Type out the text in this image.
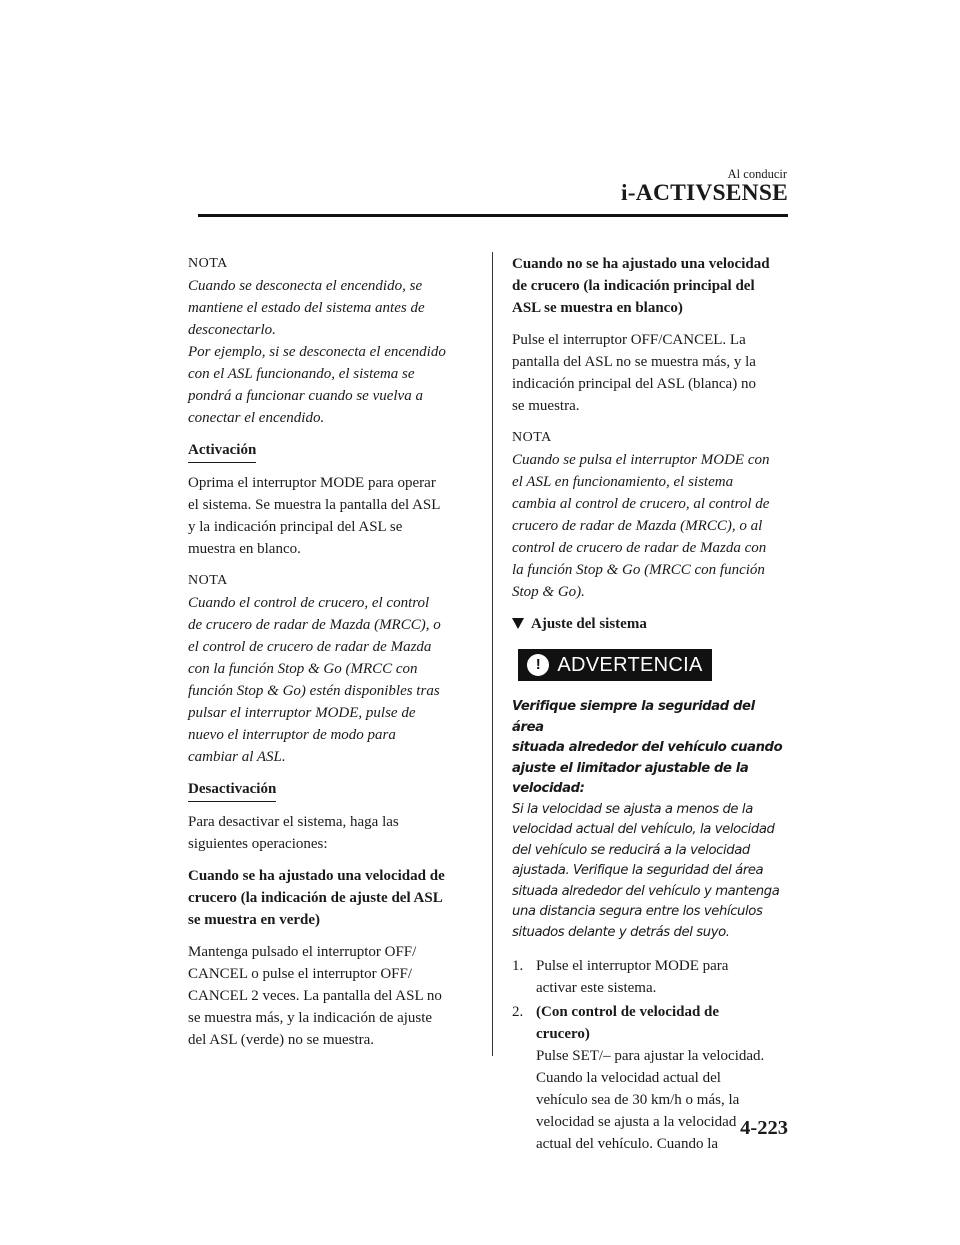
Al conducir
i-ACTIVSENSE
NOTA
Cuando se desconecta el encendido, se
mantiene el estado del sistema antes de
desconectarlo.
Por ejemplo, si se desconecta el encendido
con el ASL funcionando, el sistema se
pondrá a funcionar cuando se vuelva a
conectar el encendido.
Activación

Oprima el interruptor MODE para operar
el sistema. Se muestra la pantalla del ASL
y la indicación principal del ASL se
muestra en blanco.

NOTA
Cuando el control de crucero, el control
de crucero de radar de Mazda (MRCC), o
el control de crucero de radar de Mazda
con la función Stop & Go (MRCC con
función Stop & Go) estén disponibles tras
pulsar el interruptor MODE, pulse de
nuevo el interruptor de modo para
cambiar al ASL.
Desactivación

Para desactivar el sistema, haga las
siguientes operaciones:

Cuando se ha ajustado una velocidad de
crucero (la indicación de ajuste del ASL
se muestra en verde)

Mantenga pulsado el interruptor OFF/
CANCEL o pulse el interruptor OFF/
CANCEL 2 veces. La pantalla del ASL no
se muestra más, y la indicación de ajuste
del ASL (verde) no se muestra.

Cuando no se ha ajustado una velocidad
de crucero (la indicación principal del
ASL se muestra en blanco)

Pulse el interruptor OFF/CANCEL. La
pantalla del ASL no se muestra más, y la
indicación principal del ASL (blanca) no
se muestra.

NOTA
Cuando se pulsa el interruptor MODE con
el ASL en funcionamiento, el sistema
cambia al control de crucero, al control de
crucero de radar de Mazda (MRCC), o al
control de crucero de radar de Mazda con
la función Stop & Go (MRCC con función
Stop & Go).
Ajuste del sistema
! ADVERTENCIA
Verifique siempre la seguridad del área
situada alrededor del vehículo cuando
ajuste el limitador ajustable de la
velocidad:
Si la velocidad se ajusta a menos de la
velocidad actual del vehículo, la velocidad
del vehículo se reducirá a la velocidad
ajustada. Verifique la seguridad del área
situada alrededor del vehículo y mantenga
una distancia segura entre los vehículos
situados delante y detrás del suyo.
1. Pulse el interruptor MODE para
activar este sistema.
2. (Con control de velocidad de
crucero)
Pulse SET/– para ajustar la velocidad.
Cuando la velocidad actual del
vehículo sea de 30 km/h o más, la
velocidad se ajusta a la velocidad
actual del vehículo. Cuando la
4-223
